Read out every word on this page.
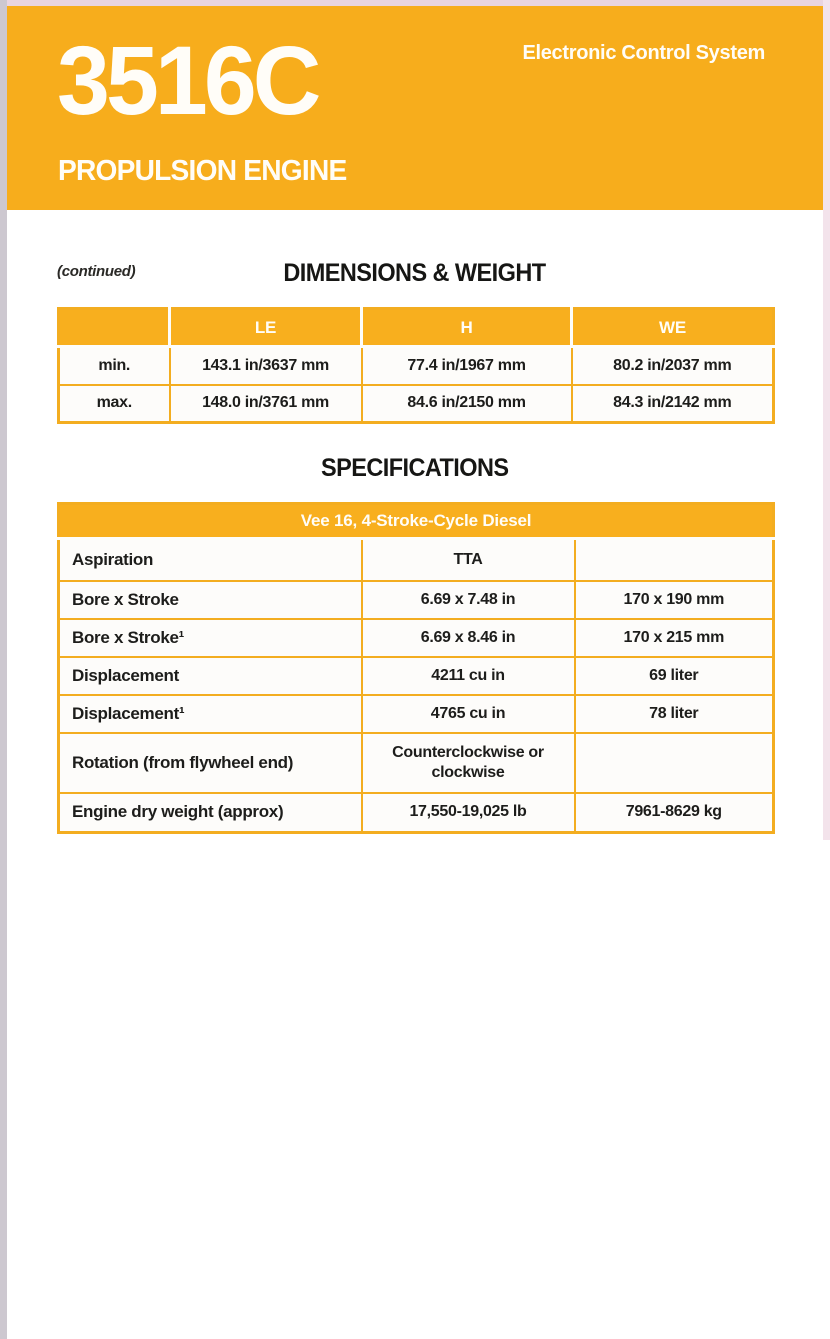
3516C	Electronic Control System
PROPULSION ENGINE
(continued)	DIMENSIONS & WEIGHT
	LE	H	WE
min.	143.1 in/3637 mm	77.4 in/1967 mm	80.2 in/2037 mm
max.	148.0 in/3761 mm	84.6 in/2150 mm	84.3 in/2142 mm
SPECIFICATIONS
Vee 16, 4-Stroke-Cycle Diesel		
Aspiration	TTA	
Bore x Stroke	6.69 x 7.48 in	170 x 190 mm
Bore x Stroke¹	6.69 x 8.46 in	170 x 215 mm
Displacement	4211 cu in	69 liter
Displacement¹	4765 cu in	78 liter
Rotation (from flywheel end)	Counterclockwise or clockwise	
Engine dry weight (approx)	17,550-19,025 lb	7961-8629 kg
